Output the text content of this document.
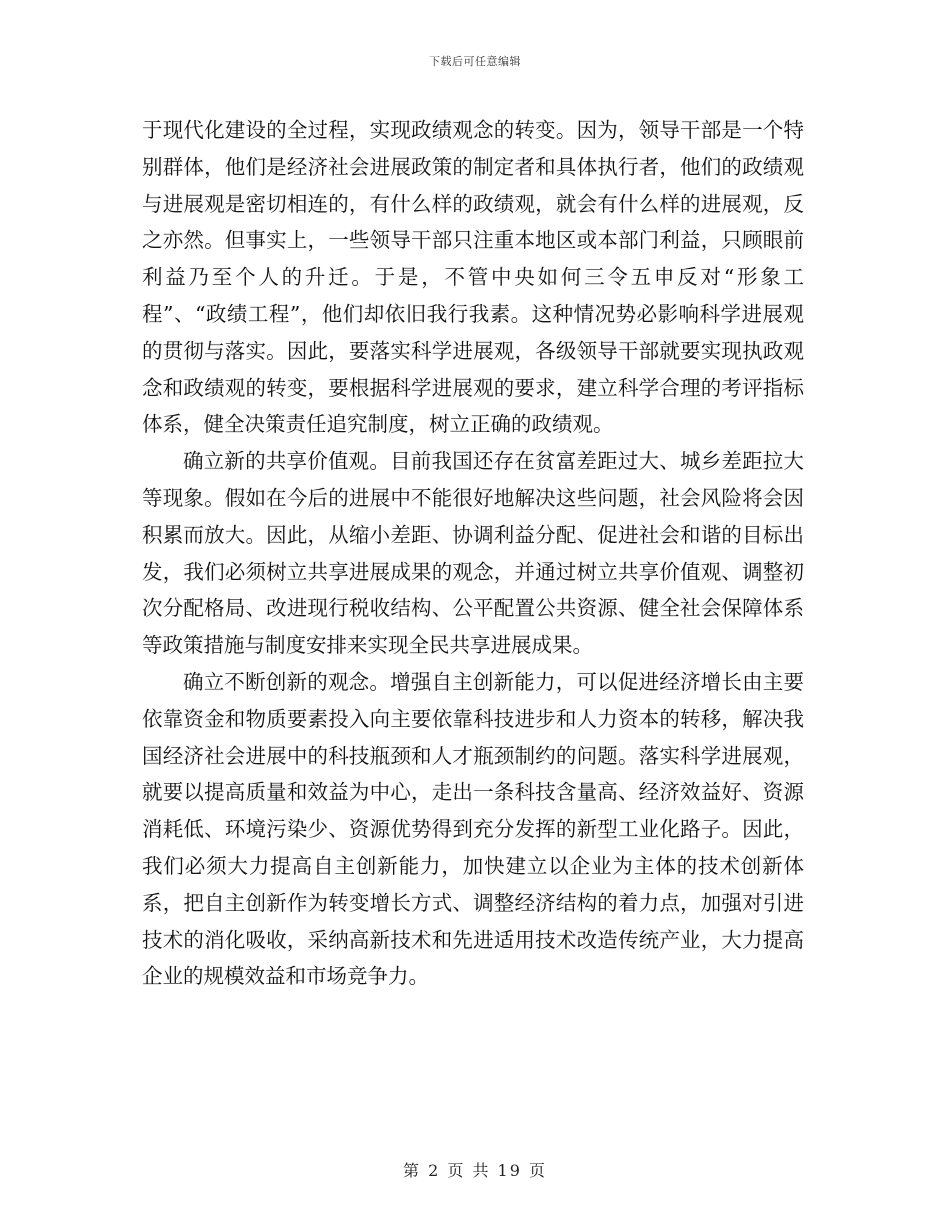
下载后可任意编辑

于现代化建设的全过程，实现政绩观念的转变。因为，领导干部是一个特别群体，他们是经济社会进展政策的制定者和具体执行者，他们的政绩观与进展观是密切相连的，有什么样的政绩观，就会有什么样的进展观，反之亦然。但事实上，一些领导干部只注重本地区或本部门利益，只顾眼前利益乃至个人的升迁。于是，不管中央如何三令五申反对“形象工程”、“政绩工程”，他们却依旧我行我素。这种情况势必影响科学进展观的贯彻与落实。因此，要落实科学进展观，各级领导干部就要实现执政观念和政绩观的转变，要根据科学进展观的要求，建立科学合理的考评指标体系，健全决策责任追究制度，树立正确的政绩观。

确立新的共享价值观。目前我国还存在贫富差距过大、城乡差距拉大等现象。假如在今后的进展中不能很好地解决这些问题，社会风险将会因积累而放大。因此，从缩小差距、协调利益分配、促进社会和谐的目标出发，我们必须树立共享进展成果的观念，并通过树立共享价值观、调整初次分配格局、改进现行税收结构、公平配置公共资源、健全社会保障体系等政策措施与制度安排来实现全民共享进展成果。

确立不断创新的观念。增强自主创新能力，可以促进经济增长由主要依靠资金和物质要素投入向主要依靠科技进步和人力资本的转移，解决我国经济社会进展中的科技瓶颈和人才瓶颈制约的问题。落实科学进展观，就要以提高质量和效益为中心，走出一条科技含量高、经济效益好、资源消耗低、环境污染少、资源优势得到充分发挥的新型工业化路子。因此，我们必须大力提高自主创新能力，加快建立以企业为主体的技术创新体系，把自主创新作为转变增长方式、调整经济结构的着力点，加强对引进技术的消化吸收，采纳高新技术和先进适用技术改造传统产业，大力提高企业的规模效益和市场竞争力。

第 2 页 共 19 页
